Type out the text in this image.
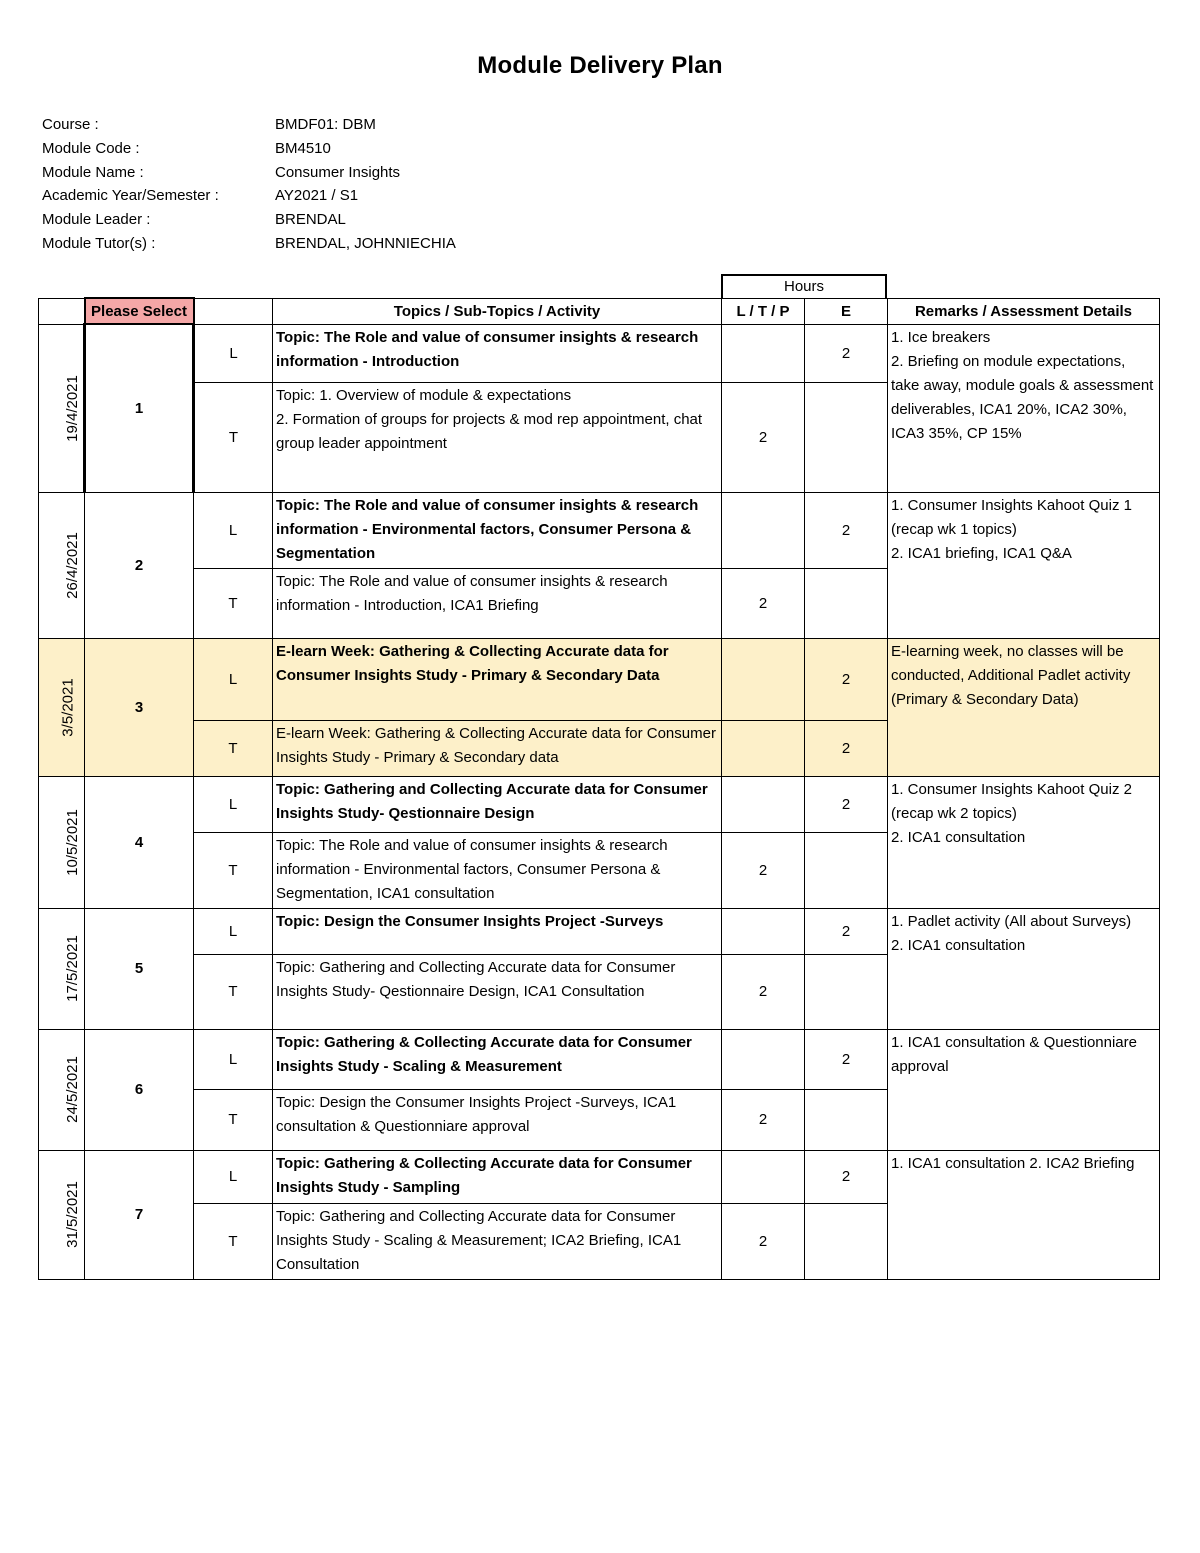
Module Delivery Plan
Course :	BMDF01: DBM
Module Code :	BM4510
Module Name :	Consumer Insights
Academic Year/Semester :	AY2021 / S1
Module Leader :	BRENDAL
Module Tutor(s) :	BRENDAL, JOHNNIECHIA
Hours
	Please Select		Topics / Sub-Topics / Activity	L / T / P	E	Remarks / Assessment Details
19/4/2021	1	L	Topic: The Role and value of consumer insights & research information - Introduction		2	1. Ice breakers
2. Briefing on module expectations, take away, module goals & assessment deliverables, ICA1 20%, ICA2 30%, ICA3 35%, CP 15%

		T	Topic: 1. Overview of module & expectations
2. Formation of groups for projects & mod rep appointment, chat group leader appointment	2		
26/4/2021	2	L	Topic: The Role and value of consumer insights & research information - Environmental factors, Consumer Persona & Segmentation		2	1. Consumer Insights Kahoot Quiz 1 (recap wk 1 topics)
2. ICA1 briefing, ICA1 Q&A

		T	Topic: The Role and value of consumer insights & research information - Introduction, ICA1 Briefing	2		
3/5/2021	3	L	E-learn Week: Gathering & Collecting Accurate data for Consumer Insights Study - Primary & Secondary Data		2	E-learning week, no classes will be conducted, Additional Padlet activity (Primary & Secondary Data)

		T	E-learn Week: Gathering & Collecting Accurate data for Consumer Insights Study - Primary & Secondary data		2	
10/5/2021	4	L	Topic: Gathering and Collecting Accurate data for Consumer Insights Study- Qestionnaire Design		2	1. Consumer Insights Kahoot Quiz 2 (recap wk 2 topics)
2. ICA1 consultation

		T	Topic: The Role and value of consumer insights & research information - Environmental factors, Consumer Persona & Segmentation, ICA1 consultation	2		
17/5/2021	5	L	Topic: Design the Consumer Insights Project -Surveys		2	1. Padlet activity (All about Surveys)
2. ICA1 consultation

		T	Topic: Gathering and Collecting Accurate data for Consumer Insights Study- Qestionnaire Design, ICA1 Consultation	2		
24/5/2021	6	L	Topic: Gathering & Collecting Accurate data for Consumer Insights Study - Scaling & Measurement		2	1. ICA1 consultation & Questionniare approval

		T	Topic: Design the Consumer Insights Project -Surveys, ICA1 consultation & Questionniare approval	2		
31/5/2021	7	L	Topic: Gathering & Collecting Accurate data for Consumer Insights Study - Sampling		2	1. ICA1 consultation 2. ICA2 Briefing

		T	Topic: Gathering and Collecting Accurate data for Consumer Insights Study - Scaling & Measurement; ICA2 Briefing, ICA1 Consultation	2		
